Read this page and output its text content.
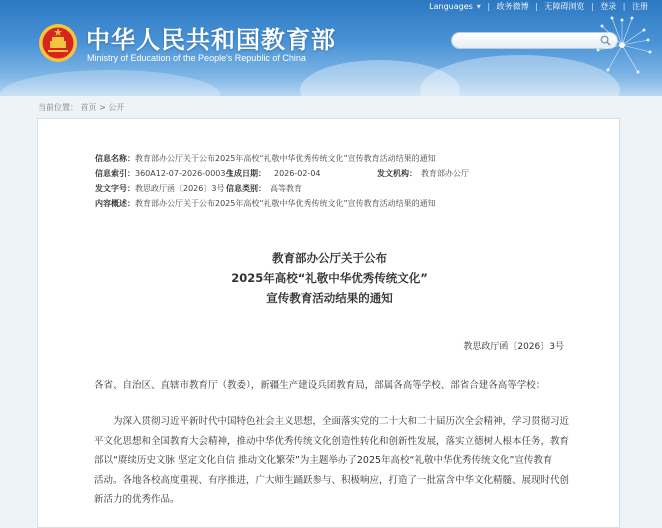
中华人民共和国教育部
Ministry of Education of the People's Republic of China
Languages ▾ | 政务微博 | 无障碍浏览 | 登录 | 注册
当前位置： 首页 > 公开
信息名称：教育部办公厅关于公布2025年高校“礼敬中华优秀传统文化”宣传教育活动结果的通知
信息索引：360A12-07-2026-0003-1
生成日期： 2026-02-04	发文机构： 教育部办公厅
发文字号：教思政厅函〔2026〕3号 信息类别： 高等教育
内容概述：教育部办公厅关于公布2025年高校“礼敬中华优秀传统文化”宣传教育活动结果的通知
教育部办公厅关于公布
2025年高校“礼敬中华优秀传统文化”
宣传教育活动结果的通知
教思政厅函〔2026〕3号
各省、自治区、直辖市教育厅（教委），新疆生产建设兵团教育局，部属各高等学校、部省合建各高等学校：
为深入贯彻习近平新时代中国特色社会主义思想，全面落实党的二十大和二十届历次全会精神，学习贯彻习近
平文化思想和全国教育大会精神，推动中华优秀传统文化创造性转化和创新性发展，落实立德树人根本任务，教育
部以“赓续历史文脉 坚定文化自信 推动文化繁荣”为主题举办了2025年高校“礼敬中华优秀传统文化”宣传教育
活动。各地各校高度重视、有序推进，广大师生踊跃参与、积极响应，打造了一批富含中华文化精髓、展现时代创
新活力的优秀作品。
